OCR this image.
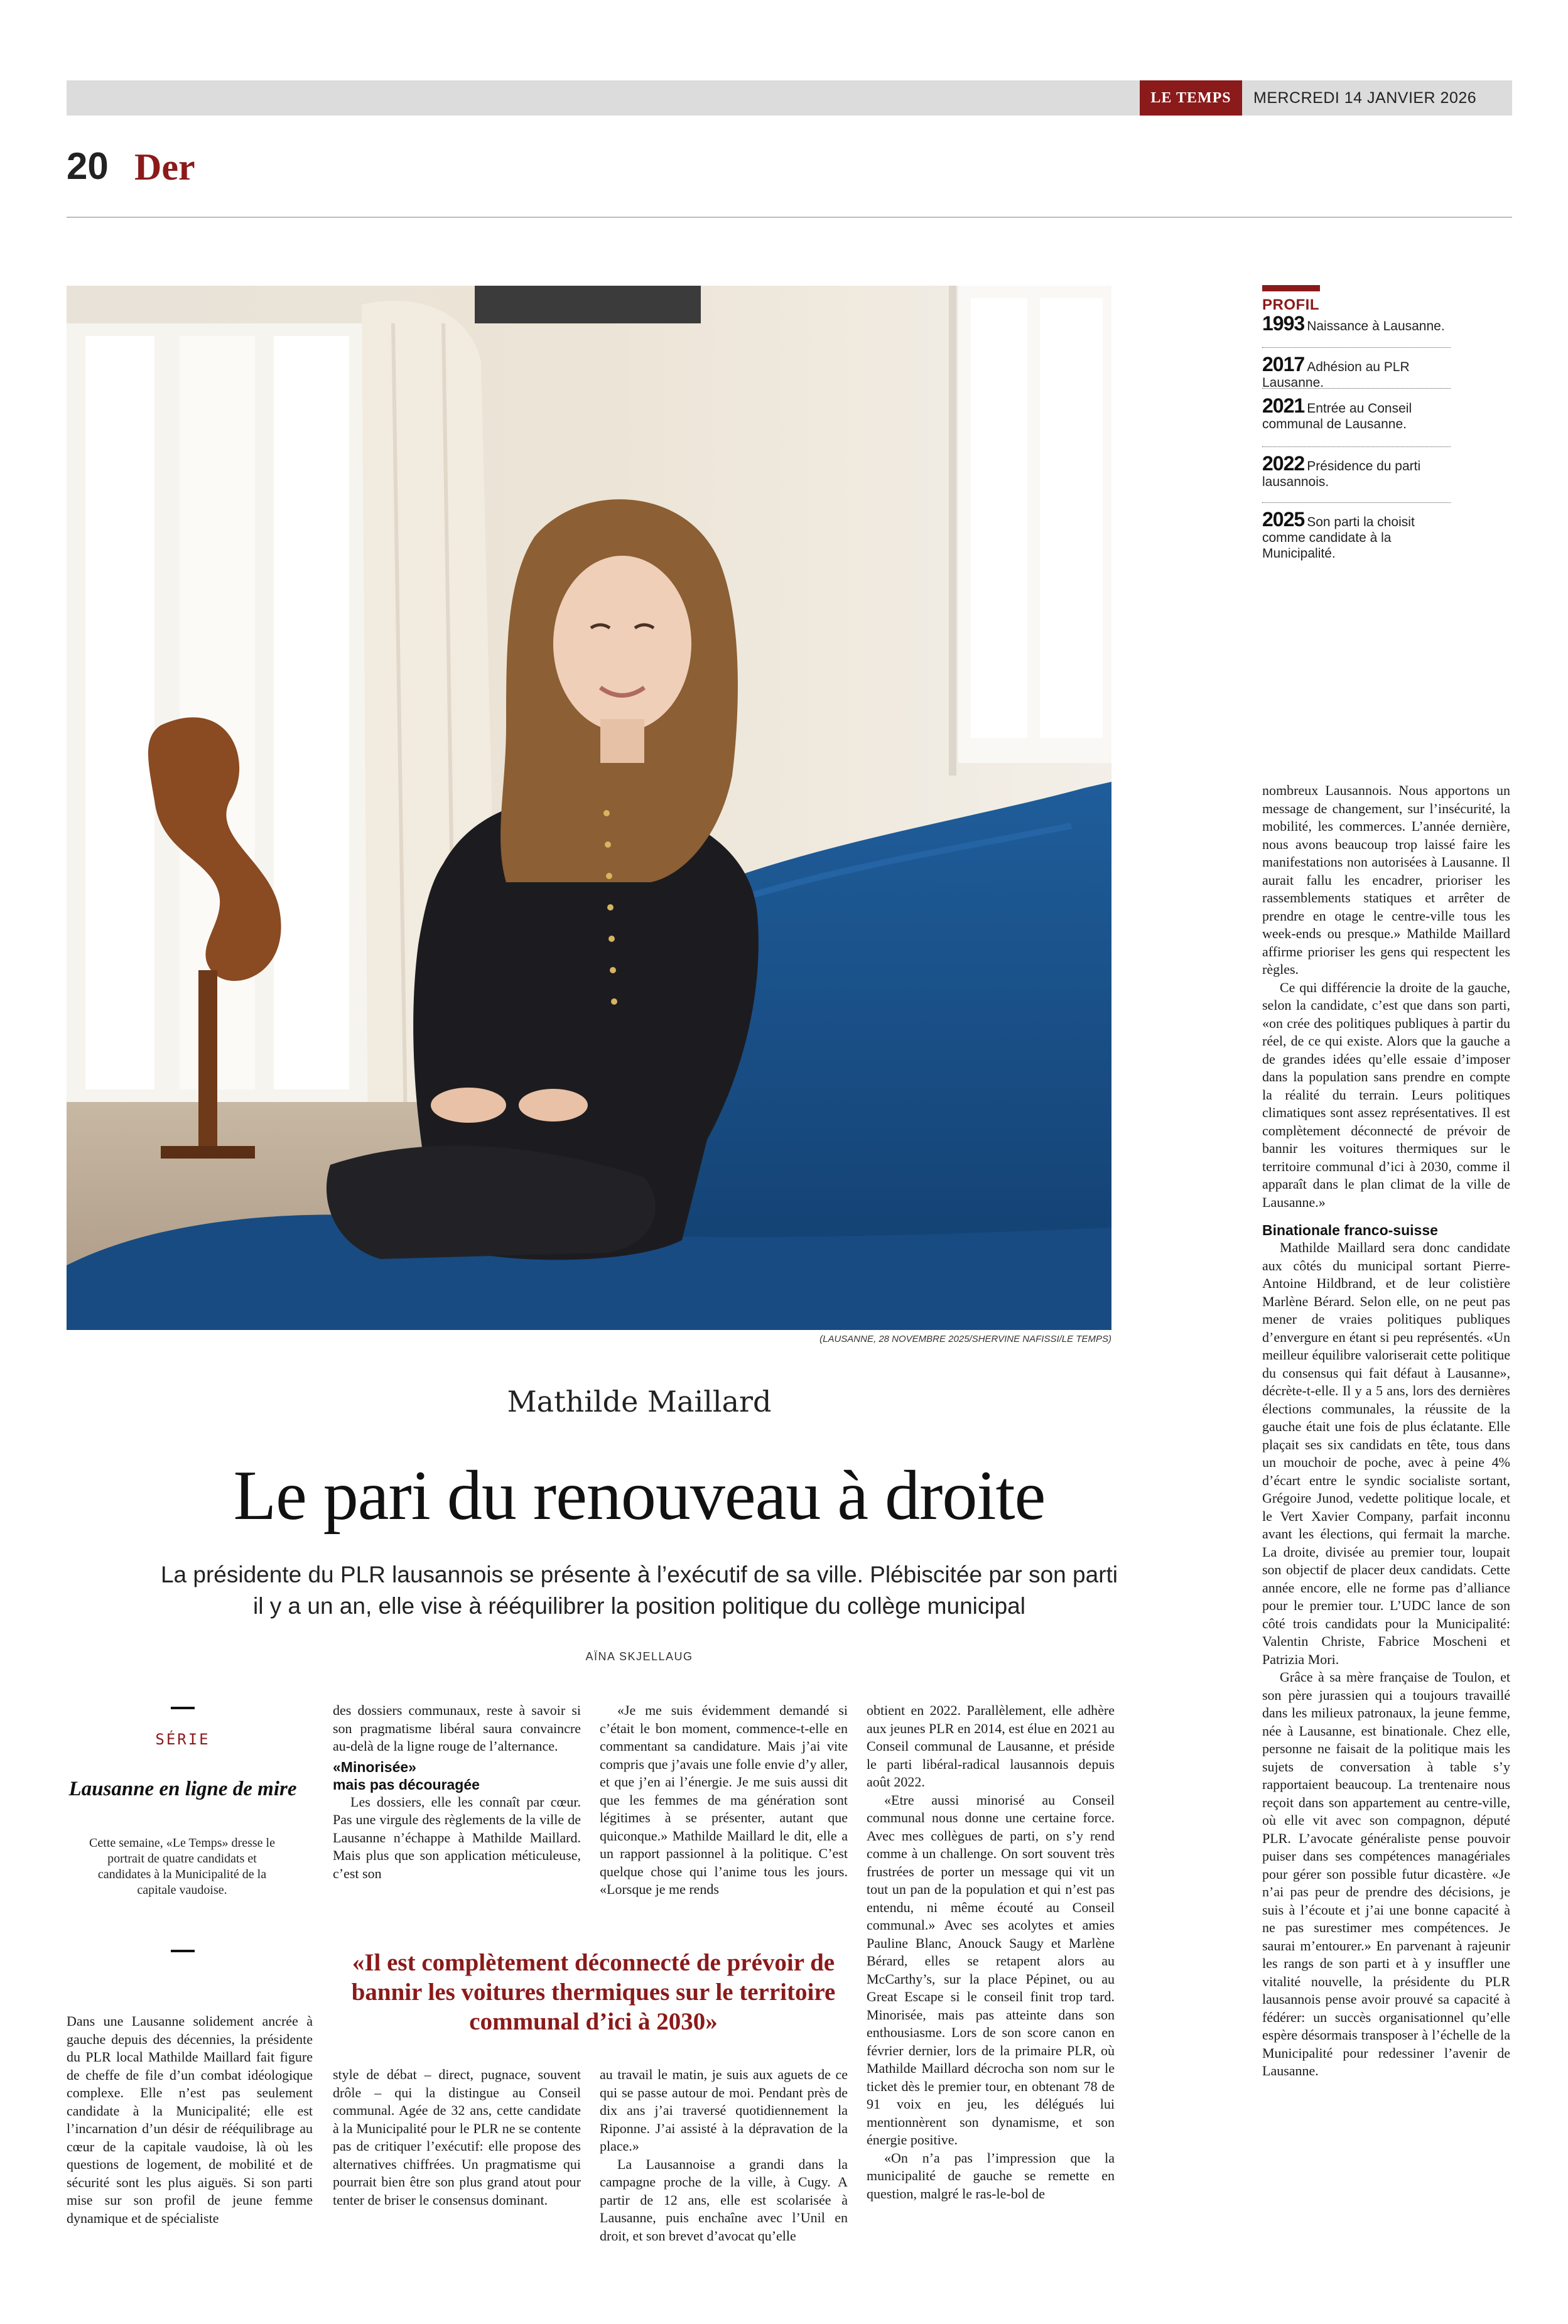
LE TEMPS	MERCREDI 14 JANVIER 2026
20 Der
(LAUSANNE, 28 NOVEMBRE 2025/SHERVINE NAFISSI/LE TEMPS)
Mathilde Maillard
Le pari du renouveau à droite
La présidente du PLR lausannois se présente à l’exécutif de sa ville. Plébiscitée par son parti
il y a un an, elle vise à rééquilibrer la position politique du collège municipal
AÏNA SKJELLAUG
SÉRIE
Lausanne en ligne de mire
Cette semaine, «Le Temps» dresse le portrait de quatre candidats et candidates à la Municipalité de la capitale vaudoise.

Dans une Lausanne solidement ancrée à gauche depuis des décennies, la présidente du PLR local Mathilde Maillard fait figure de cheffe de file d’un combat idéologique complexe. Elle n’est pas seulement candidate à la Municipalité; elle est l’incarnation d’un désir de rééquilibrage au cœur de la capitale vaudoise, là où les questions de logement, de mobilité et de sécurité sont les plus aiguës. Si son parti mise sur son profil de jeune femme dynamique et de spécialiste

des dossiers communaux, reste à savoir si son pragmatisme libéral saura convaincre au-delà de la ligne rouge de l’alternance.

«Minorisée»
mais pas découragée

Les dossiers, elle les connaît par cœur. Pas une virgule des règlements de la ville de Lausanne n’échappe à Mathilde Maillard. Mais plus que son application méticuleuse, c’est son

«Je me suis évidemment demandé si c’était le bon moment, commence-t-elle en commentant sa candidature. Mais j’ai vite compris que j’avais une folle envie d’y aller, et que j’en ai l’énergie. Je me suis aussi dit que les femmes de ma génération sont légitimes à se présenter, autant que quiconque.» Mathilde Maillard le dit, elle a un rapport passionnel à la politique. C’est quelque chose qui l’anime tous les jours. «Lorsque je me rends

«Il est complètement déconnecté de prévoir de bannir les voitures thermiques sur le territoire communal d’ici à 2030»

style de débat – direct, pugnace, souvent drôle – qui la distingue au Conseil communal. Agée de 32 ans, cette candidate à la Municipalité pour le PLR ne se contente pas de critiquer l’exécutif: elle propose des alternatives chiffrées. Un pragmatisme qui pourrait bien être son plus grand atout pour tenter de briser le consensus dominant.

au travail le matin, je suis aux aguets de ce qui se passe autour de moi. Pendant près de dix ans j’ai traversé quotidiennement la Riponne. J’ai assisté à la dépravation de la place.»

La Lausannoise a grandi dans la campagne proche de la ville, à Cugy. A partir de 12 ans, elle est scolarisée à Lausanne, puis enchaîne avec l’Unil en droit, et son brevet d’avocat qu’elle

obtient en 2022. Parallèlement, elle adhère aux jeunes PLR en 2014, est élue en 2021 au Conseil communal de Lausanne, et préside le parti libéral-radical lausannois depuis août 2022.

«Etre aussi minorisé au Conseil communal nous donne une certaine force. Avec mes collègues de parti, on s’y rend comme à un challenge. On sort souvent très frustrées de porter un message qui vit un tout un pan de la population et qui n’est pas entendu, ni même écouté au Conseil communal.» Avec ses acolytes et amies Pauline Blanc, Anouck Saugy et Marlène Bérard, elles se retapent alors au McCarthy’s, sur la place Pépinet, ou au Great Escape si le conseil finit trop tard. Minorisée, mais pas atteinte dans son enthousiasme. Lors de son score canon en février dernier, lors de la primaire PLR, où Mathilde Maillard décrocha son nom sur le ticket dès le premier tour, en obtenant 78 de 91 voix en jeu, les délégués lui mentionnèrent son dynamisme, et son énergie positive.

«On n’a pas l’impression que la municipalité de gauche se remette en question, malgré le ras-le-bol de

PROFIL
1993 Naissance à Lausanne.
2017 Adhésion au PLR Lausanne.
2021 Entrée au Conseil communal de Lausanne.
2022 Présidence du parti lausannois.
2025 Son parti la choisit comme candidate à la Municipalité.

nombreux Lausannois. Nous apportons un message de changement, sur l’insécurité, la mobilité, les commerces. L’année dernière, nous avons beaucoup trop laissé faire les manifestations non autorisées à Lausanne. Il aurait fallu les encadrer, prioriser les rassemblements statiques et arrêter de prendre en otage le centre-ville tous les week-ends ou presque.» Mathilde Maillard affirme prioriser les gens qui respectent les règles.

Ce qui différencie la droite de la gauche, selon la candidate, c’est que dans son parti, «on crée des politiques publiques à partir du réel, de ce qui existe. Alors que la gauche a de grandes idées qu’elle essaie d’imposer dans la population sans prendre en compte la réalité du terrain. Leurs politiques climatiques sont assez représentatives. Il est complètement déconnecté de prévoir de bannir les voitures thermiques sur le territoire communal d’ici à 2030, comme il apparaît dans le plan climat de la ville de Lausanne.»

Binationale franco-suisse

Mathilde Maillard sera donc candidate aux côtés du municipal sortant Pierre-Antoine Hildbrand, et de leur colistière Marlène Bérard. Selon elle, on ne peut pas mener de vraies politiques publiques d’envergure en étant si peu représentés. «Un meilleur équilibre valoriserait cette politique du consensus qui fait défaut à Lausanne», décrète-t-elle. Il y a 5 ans, lors des dernières élections communales, la réussite de la gauche était une fois de plus éclatante. Elle plaçait ses six candidats en tête, tous dans un mouchoir de poche, avec à peine 4% d’écart entre le syndic socialiste sortant, Grégoire Junod, vedette politique locale, et le Vert Xavier Company, parfait inconnu avant les élections, qui fermait la marche. La droite, divisée au premier tour, loupait son objectif de placer deux candidats. Cette année encore, elle ne forme pas d’alliance pour le premier tour. L’UDC lance de son côté trois candidats pour la Municipalité: Valentin Christe, Fabrice Moscheni et Patrizia Mori.

Grâce à sa mère française de Toulon, et son père jurassien qui a toujours travaillé dans les milieux patronaux, la jeune femme, née à Lausanne, est binationale. Chez elle, personne ne faisait de la politique mais les sujets de conversation à table s’y rapportaient beaucoup. La trentenaire nous reçoit dans son appartement au centre-ville, où elle vit avec son compagnon, député PLR. L’avocate généraliste pense pouvoir puiser dans ses compétences managériales pour gérer son possible futur dicastère. «Je n’ai pas peur de prendre des décisions, je suis à l’écoute et j’ai une bonne capacité à ne pas surestimer mes compétences. Je saurai m’entourer.» En parvenant à rajeunir les rangs de son parti et à y insuffler une vitalité nouvelle, la présidente du PLR lausannois pense avoir prouvé sa capacité à fédérer: un succès organisationnel qu’elle espère désormais transposer à l’échelle de la Municipalité pour redessiner l’avenir de Lausanne.
